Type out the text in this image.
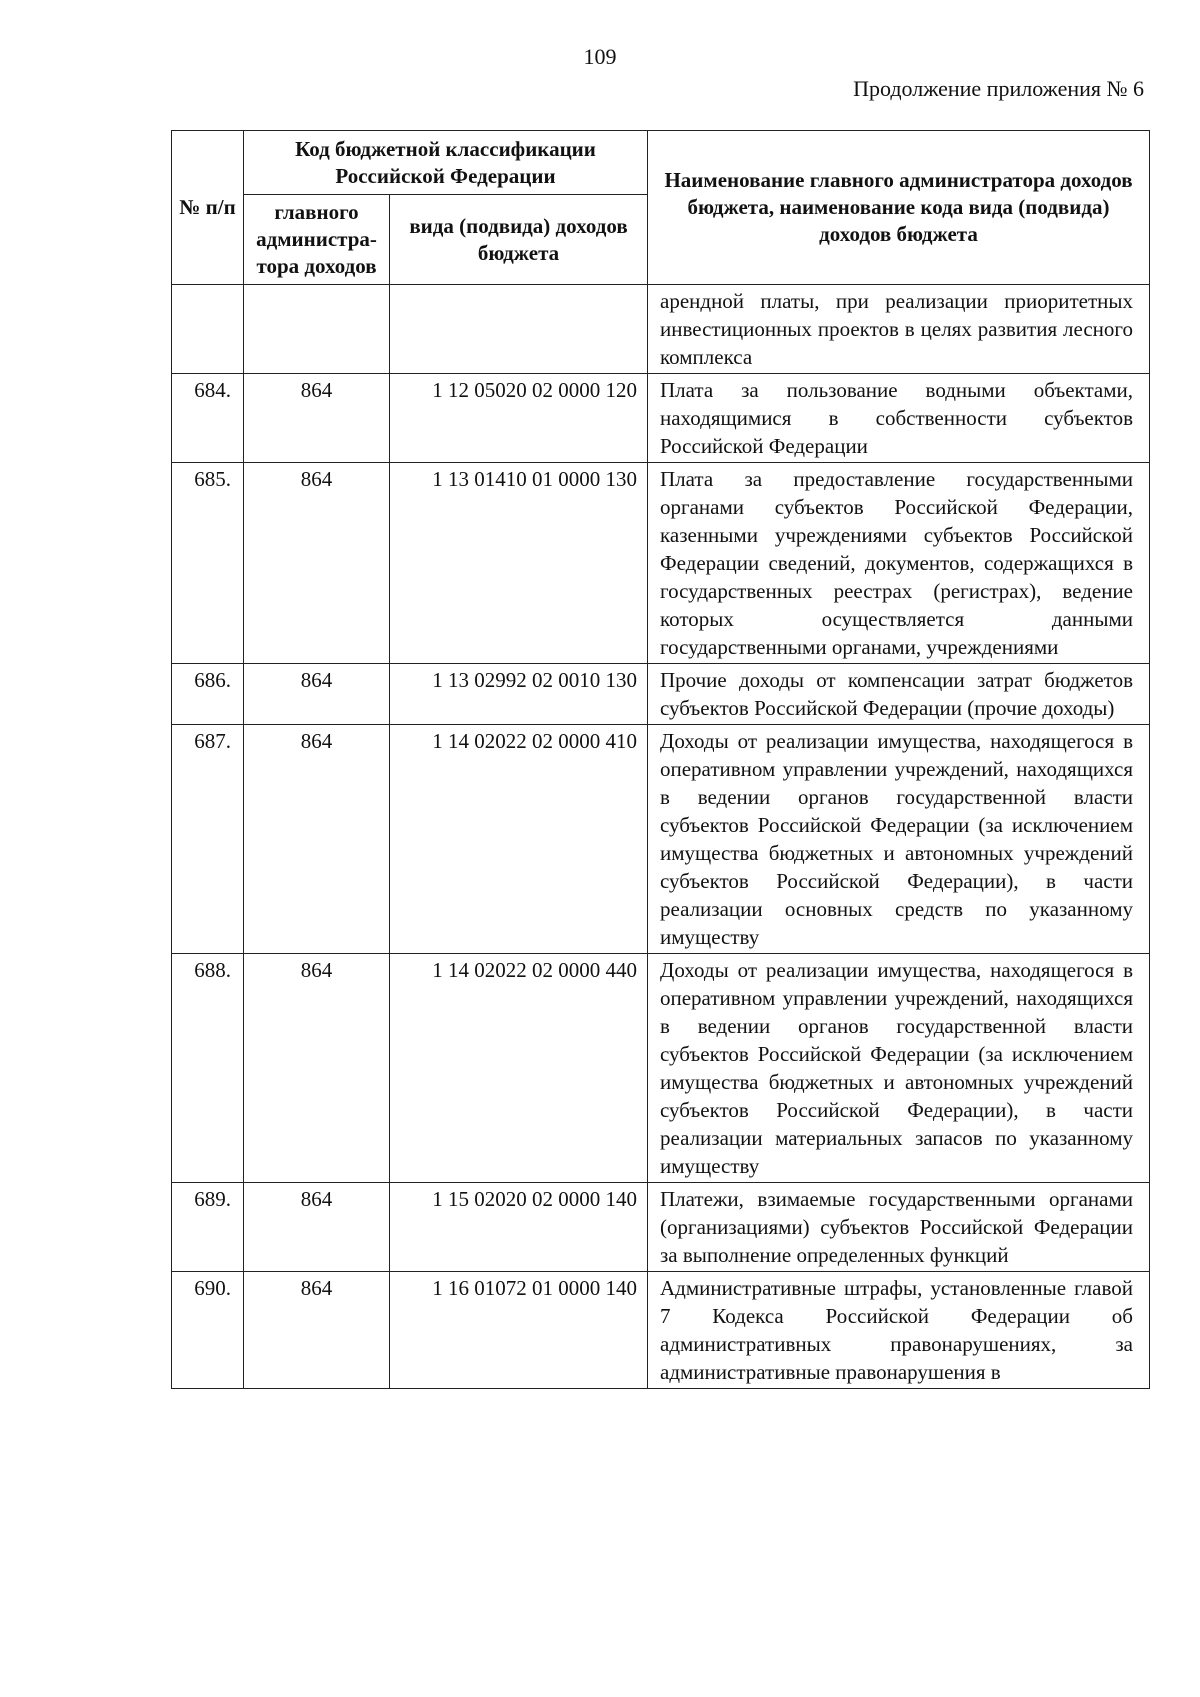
109
Продолжение приложения № 6
№ п/п	Код бюджетной классификации Российской Федерации		Наименование главного администратора доходов бюджета, наименование кода вида (подвида) доходов бюджета
	главного администра-тора доходов	вида (подвида) доходов бюджета	
			арендной платы, при реализации приоритетных инвестиционных проектов в целях развития лесного комплекса
684.	864	1 12 05020 02 0000 120	Плата за пользование водными объектами, находящимися в собственности субъектов Российской Федерации
685.	864	1 13 01410 01 0000 130	Плата за предоставление государственными органами субъектов Российской Федерации, казенными учреждениями субъектов Российской Федерации сведений, документов, содержащихся в государственных реестрах (регистрах), ведение которых осуществляется данными государственными органами, учреждениями
686.	864	1 13 02992 02 0010 130	Прочие доходы от компенсации затрат бюджетов субъектов Российской Федерации (прочие доходы)
687.	864	1 14 02022 02 0000 410	Доходы от реализации имущества, находящегося в оперативном управлении учреждений, находящихся в ведении органов государственной власти субъектов Российской Федерации (за исключением имущества бюджетных и автономных учреждений субъектов Российской Федерации), в части реализации основных средств по указанному имуществу
688.	864	1 14 02022 02 0000 440	Доходы от реализации имущества, находящегося в оперативном управлении учреждений, находящихся в ведении органов государственной власти субъектов Российской Федерации (за исключением имущества бюджетных и автономных учреждений субъектов Российской Федерации), в части реализации материальных запасов по указанному имуществу
689.	864	1 15 02020 02 0000 140	Платежи, взимаемые государственными органами (организациями) субъектов Российской Федерации за выполнение определенных функций
690.	864	1 16 01072 01 0000 140	Административные штрафы, установленные главой 7 Кодекса Российской Федерации об административных правонарушениях, за административные правонарушения в
